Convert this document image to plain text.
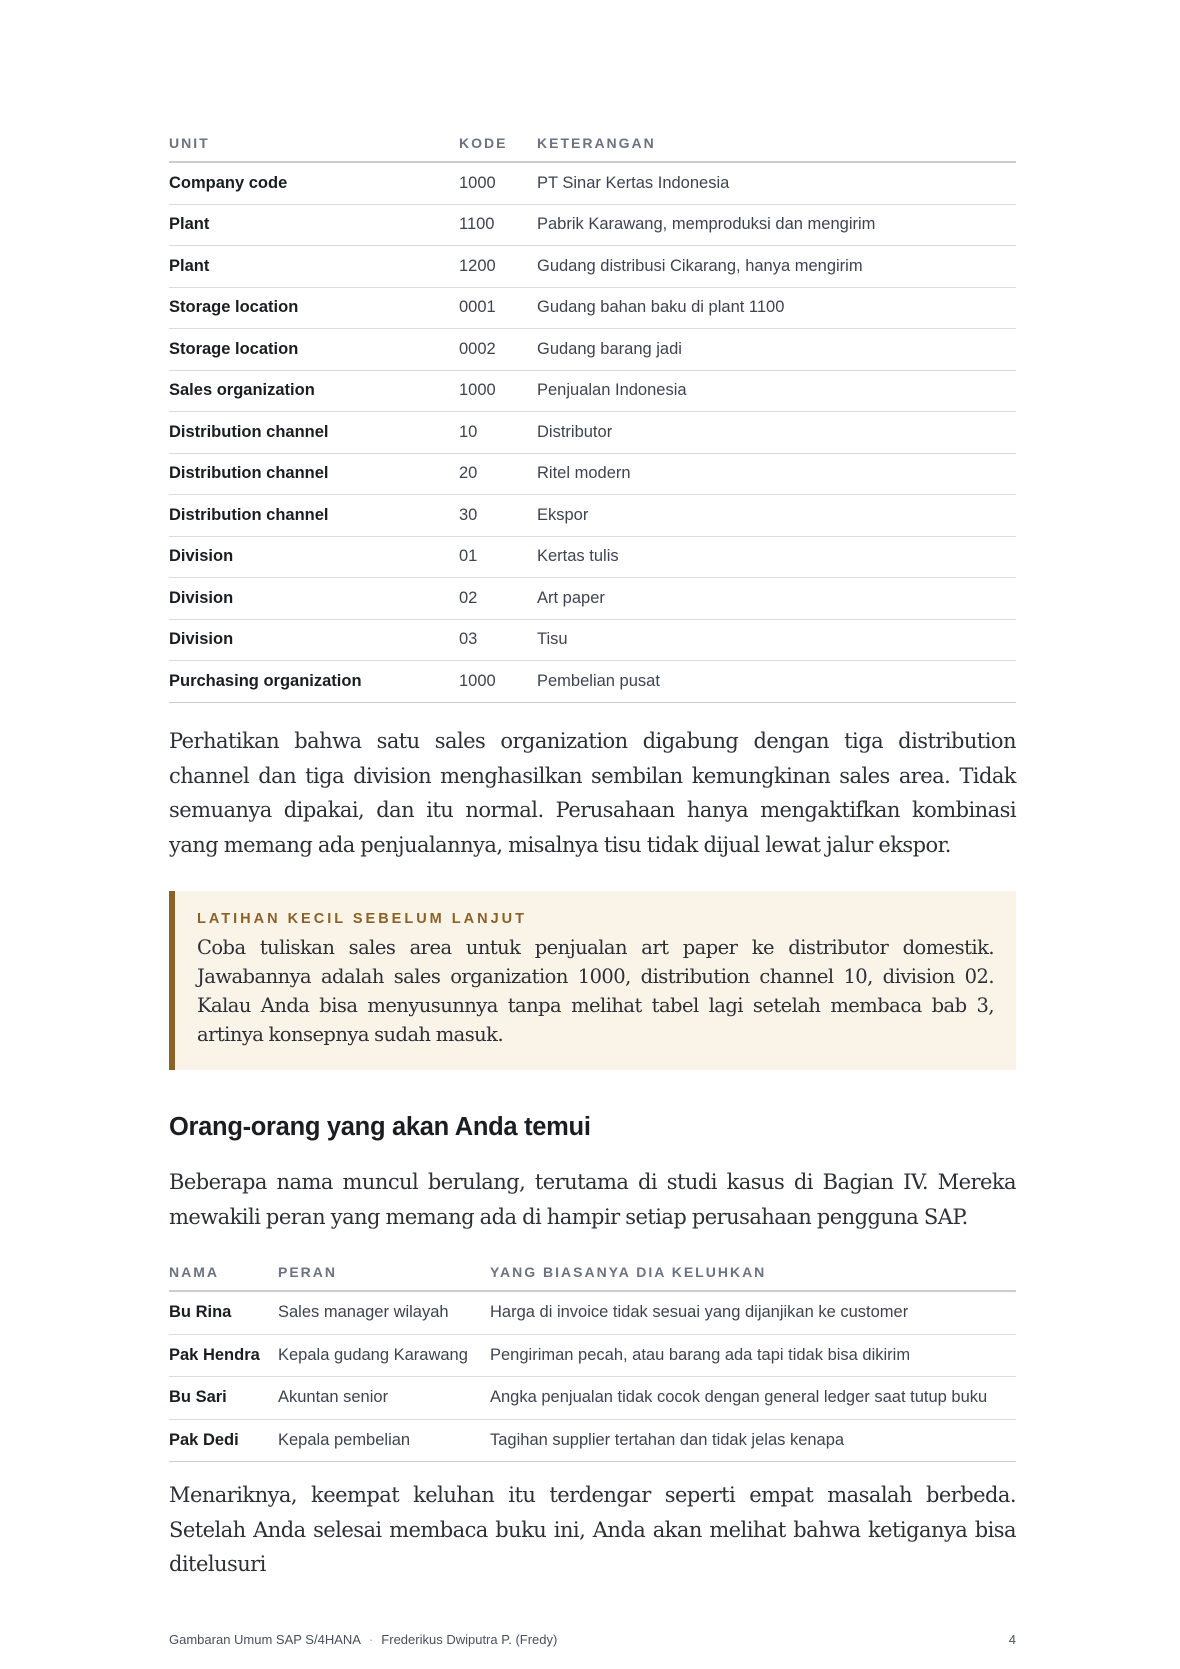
UNIT	KODE	KETERANGAN
Company code	1000	PT Sinar Kertas Indonesia
Plant	1100	Pabrik Karawang, memproduksi dan mengirim
Plant	1200	Gudang distribusi Cikarang, hanya mengirim
Storage location	0001	Gudang bahan baku di plant 1100
Storage location	0002	Gudang barang jadi
Sales organization	1000	Penjualan Indonesia
Distribution channel	10	Distributor
Distribution channel	20	Ritel modern
Distribution channel	30	Ekspor
Division	01	Kertas tulis
Division	02	Art paper
Division	03	Tisu
Purchasing organization	1000	Pembelian pusat

Perhatikan bahwa satu sales organization digabung dengan tiga distribution channel dan tiga division menghasilkan sembilan kemungkinan sales area. Tidak semuanya dipakai, dan itu normal. Perusahaan hanya mengaktifkan kombinasi yang memang ada penjualannya, misalnya tisu tidak dijual lewat jalur ekspor.

LATIHAN KECIL SEBELUM LANJUT

Coba tuliskan sales area untuk penjualan art paper ke distributor domestik. Jawabannya adalah sales organization 1000, distribution channel 10, division 02. Kalau Anda bisa menyusunnya tanpa melihat tabel lagi setelah membaca bab 3, artinya konsepnya sudah masuk.

Orang-orang yang akan Anda temui

Beberapa nama muncul berulang, terutama di studi kasus di Bagian IV. Mereka mewakili peran yang memang ada di hampir setiap perusahaan pengguna SAP.

NAMA	PERAN	YANG BIASANYA DIA KELUHKAN
Bu Rina	Sales manager wilayah	Harga di invoice tidak sesuai yang dijanjikan ke customer
Pak Hendra	Kepala gudang Karawang	Pengiriman pecah, atau barang ada tapi tidak bisa dikirim
Bu Sari	Akuntan senior	Angka penjualan tidak cocok dengan general ledger saat tutup buku
Pak Dedi	Kepala pembelian	Tagihan supplier tertahan dan tidak jelas kenapa

Menariknya, keempat keluhan itu terdengar seperti empat masalah berbeda. Setelah Anda selesai membaca buku ini, Anda akan melihat bahwa ketiganya bisa ditelusuri

Gambaran Umum SAP S/4HANA · Frederikus Dwiputra P. (Fredy)	4
